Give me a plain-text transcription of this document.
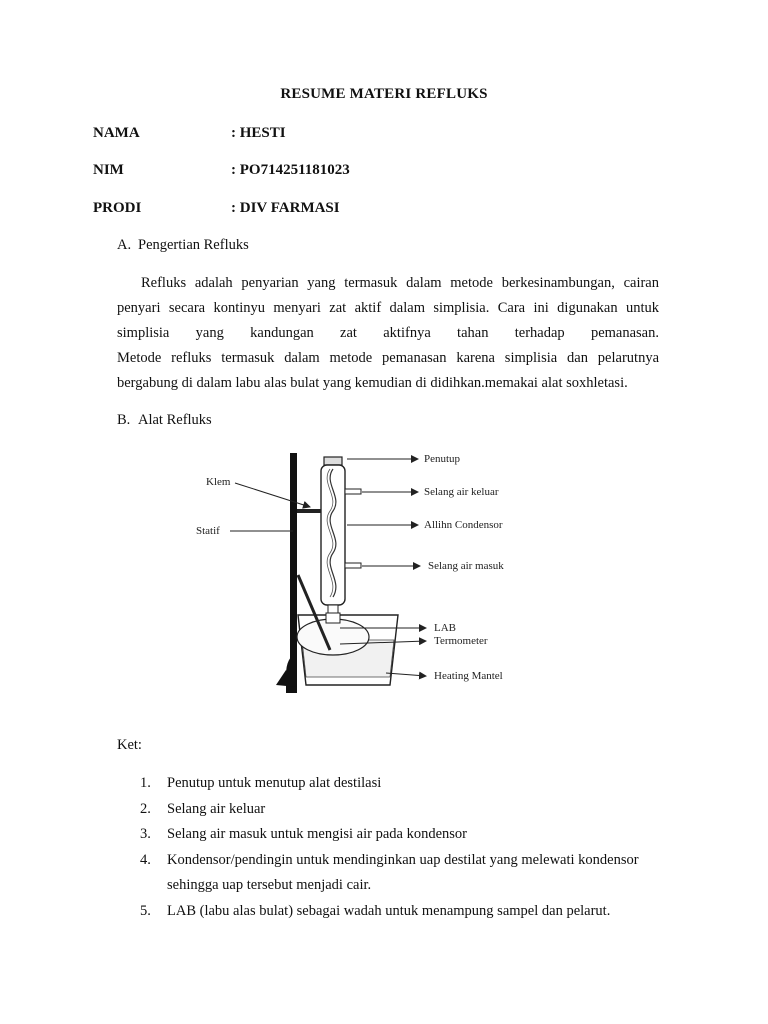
RESUME MATERI REFLUKS
NAMA	: HESTI
NIM	: PO714251181023
PRODI	: DIV FARMASI
A. Pengertian Refluks
Refluks adalah penyarian yang termasuk dalam metode berkesinambungan, cairan
penyari secara kontinyu menyari zat aktif dalam simplisia. Cara ini digunakan untuk
simplisia yang kandungan zat aktifnya tahan terhadap pemanasan.
Metode refluks termasuk dalam metode pemanasan karena simplisia dan pelarutnya
bergabung di dalam labu alas bulat yang kemudian di didihkan.memakai alat soxhletasi.
B. Alat Refluks
Penutup
Klem
Selang air keluar
Statif	Allihn Condensor
Selang air masuk
LAB
Termometer
Heating Mantel
Ket:
1. Penutup untuk menutup alat destilasi
2. Selang air keluar
3. Selang air masuk untuk mengisi air pada kondensor
4. Kondensor/pendingin untuk mendinginkan uap destilat yang melewati kondensor sehingga uap tersebut menjadi cair.
5. LAB (labu alas bulat) sebagai wadah untuk menampung sampel dan pelarut.
